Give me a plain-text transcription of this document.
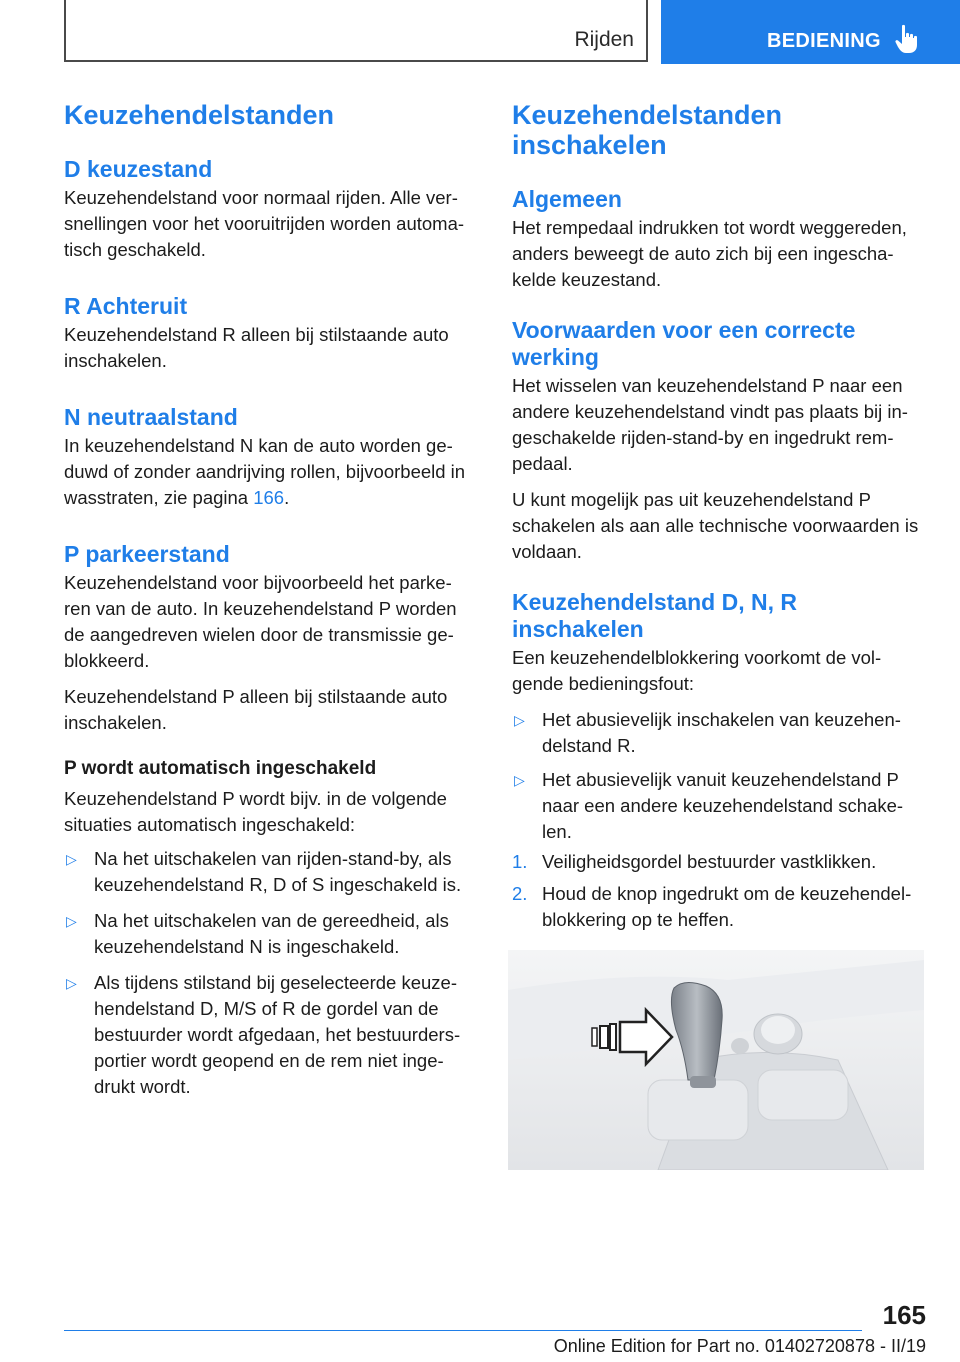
Rijden	BEDIENING
Keuzehendelstanden
D keuzestand

Keuzehendelstand voor normaal rijden. Alle ver-snellingen voor het vooruitrijden worden automa-tisch geschakeld.

R Achteruit

Keuzehendelstand R alleen bij stilstaande auto inschakelen.

N neutraalstand

In keuzehendelstand N kan de auto worden ge-duwd of zonder aandrijving rollen, bijvoorbeeld in wasstraten, zie pagina 166.

P parkeerstand

Keuzehendelstand voor bijvoorbeeld het parke-ren van de auto. In keuzehendelstand P worden de aangedreven wielen door de transmissie ge-blokkeerd.

Keuzehendelstand P alleen bij stilstaande auto inschakelen.

P wordt automatisch ingeschakeld

Keuzehendelstand P wordt bijv. in de volgende situaties automatisch ingeschakeld:

▷ Na het uitschakelen van rijden-stand-by, als keuzehendelstand R, D of S ingeschakeld is.
▷ Na het uitschakelen van de gereedheid, als keuzehendelstand N is ingeschakeld.
▷ Als tijdens stilstand bij geselecteerde keuze-hendelstand D, M/S of R de gordel van de bestuurder wordt afgedaan, het bestuurders-portier wordt geopend en de rem niet inge-drukt wordt.
Keuzehendelstanden inschakelen
Algemeen

Het rempedaal indrukken tot wordt weggereden, anders beweegt de auto zich bij een ingescha-kelde keuzestand.

Voorwaarden voor een correcte werking

Het wisselen van keuzehendelstand P naar een andere keuzehendelstand vindt pas plaats bij in-geschakelde rijden-stand-by en ingedrukt rem-pedaal.

U kunt mogelijk pas uit keuzehendelstand P schakelen als aan alle technische voorwaarden is voldaan.

Keuzehendelstand D, N, R inschakelen

Een keuzehendelblokkering voorkomt de vol-gende bedieningsfout:

▷ Het abusievelijk inschakelen van keuzehen-delstand R.
▷ Het abusievelijk vanuit keuzehendelstand P naar een andere keuzehendelstand schake-len.
1. Veiligheidsgordel bestuurder vastklikken.
2. Houd de knop ingedrukt om de keuzehendel-blokkering op te heffen.
165
Online Edition for Part no. 01402720878 - II/19
